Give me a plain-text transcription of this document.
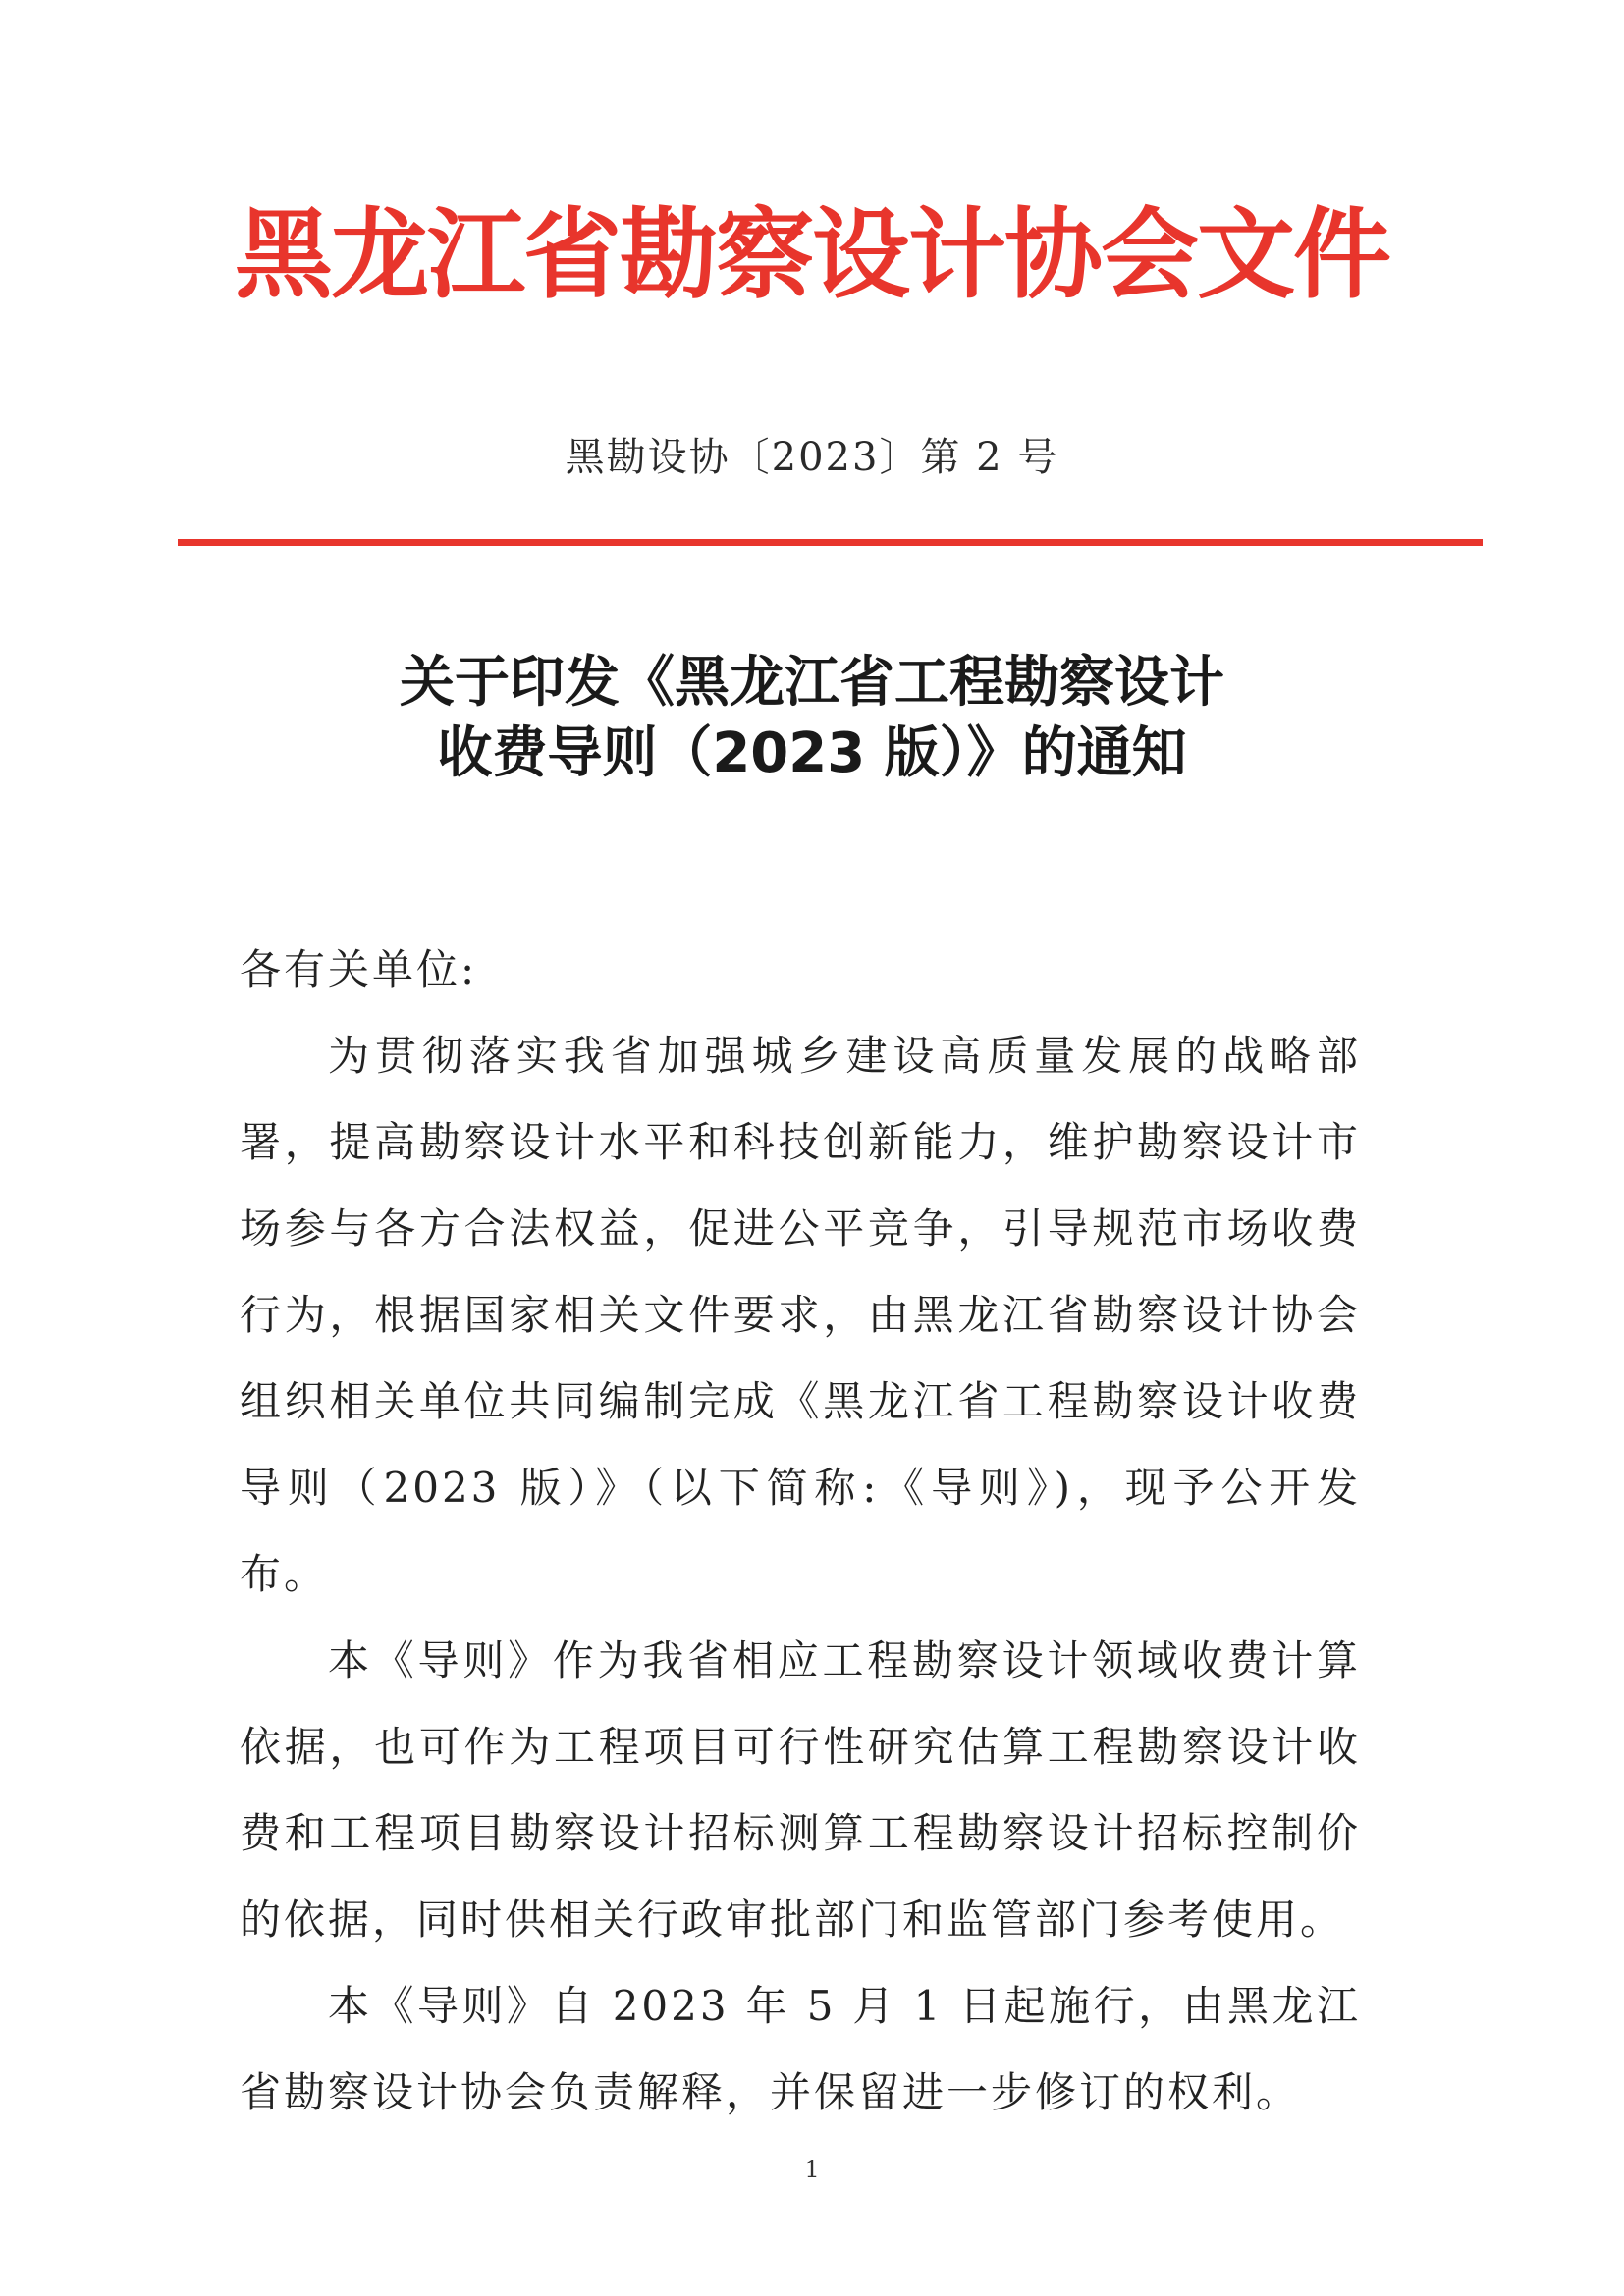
黑龙江省勘察设计协会文件
黑勘设协〔2023〕第 2 号
关于印发《黑龙江省工程勘察设计
收费导则（2023 版）》的通知

各有关单位:

为贯彻落实我省加强城乡建设高质量发展的战略部署，提高勘察设计水平和科技创新能力，维护勘察设计市场参与各方合法权益，促进公平竞争，引导规范市场收费行为，根据国家相关文件要求，由黑龙江省勘察设计协会组织相关单位共同编制完成《黑龙江省工程勘察设计收费导则（2023 版）》（以下简称:《导则》)，现予公开发布。

本《导则》作为我省相应工程勘察设计领域收费计算依据，也可作为工程项目可行性研究估算工程勘察设计收费和工程项目勘察设计招标测算工程勘察设计招标控制价的依据，同时供相关行政审批部门和监管部门参考使用。

本《导则》自 2023 年 5 月 1 日起施行，由黑龙江省勘察设计协会负责解释，并保留进一步修订的权利。

1
